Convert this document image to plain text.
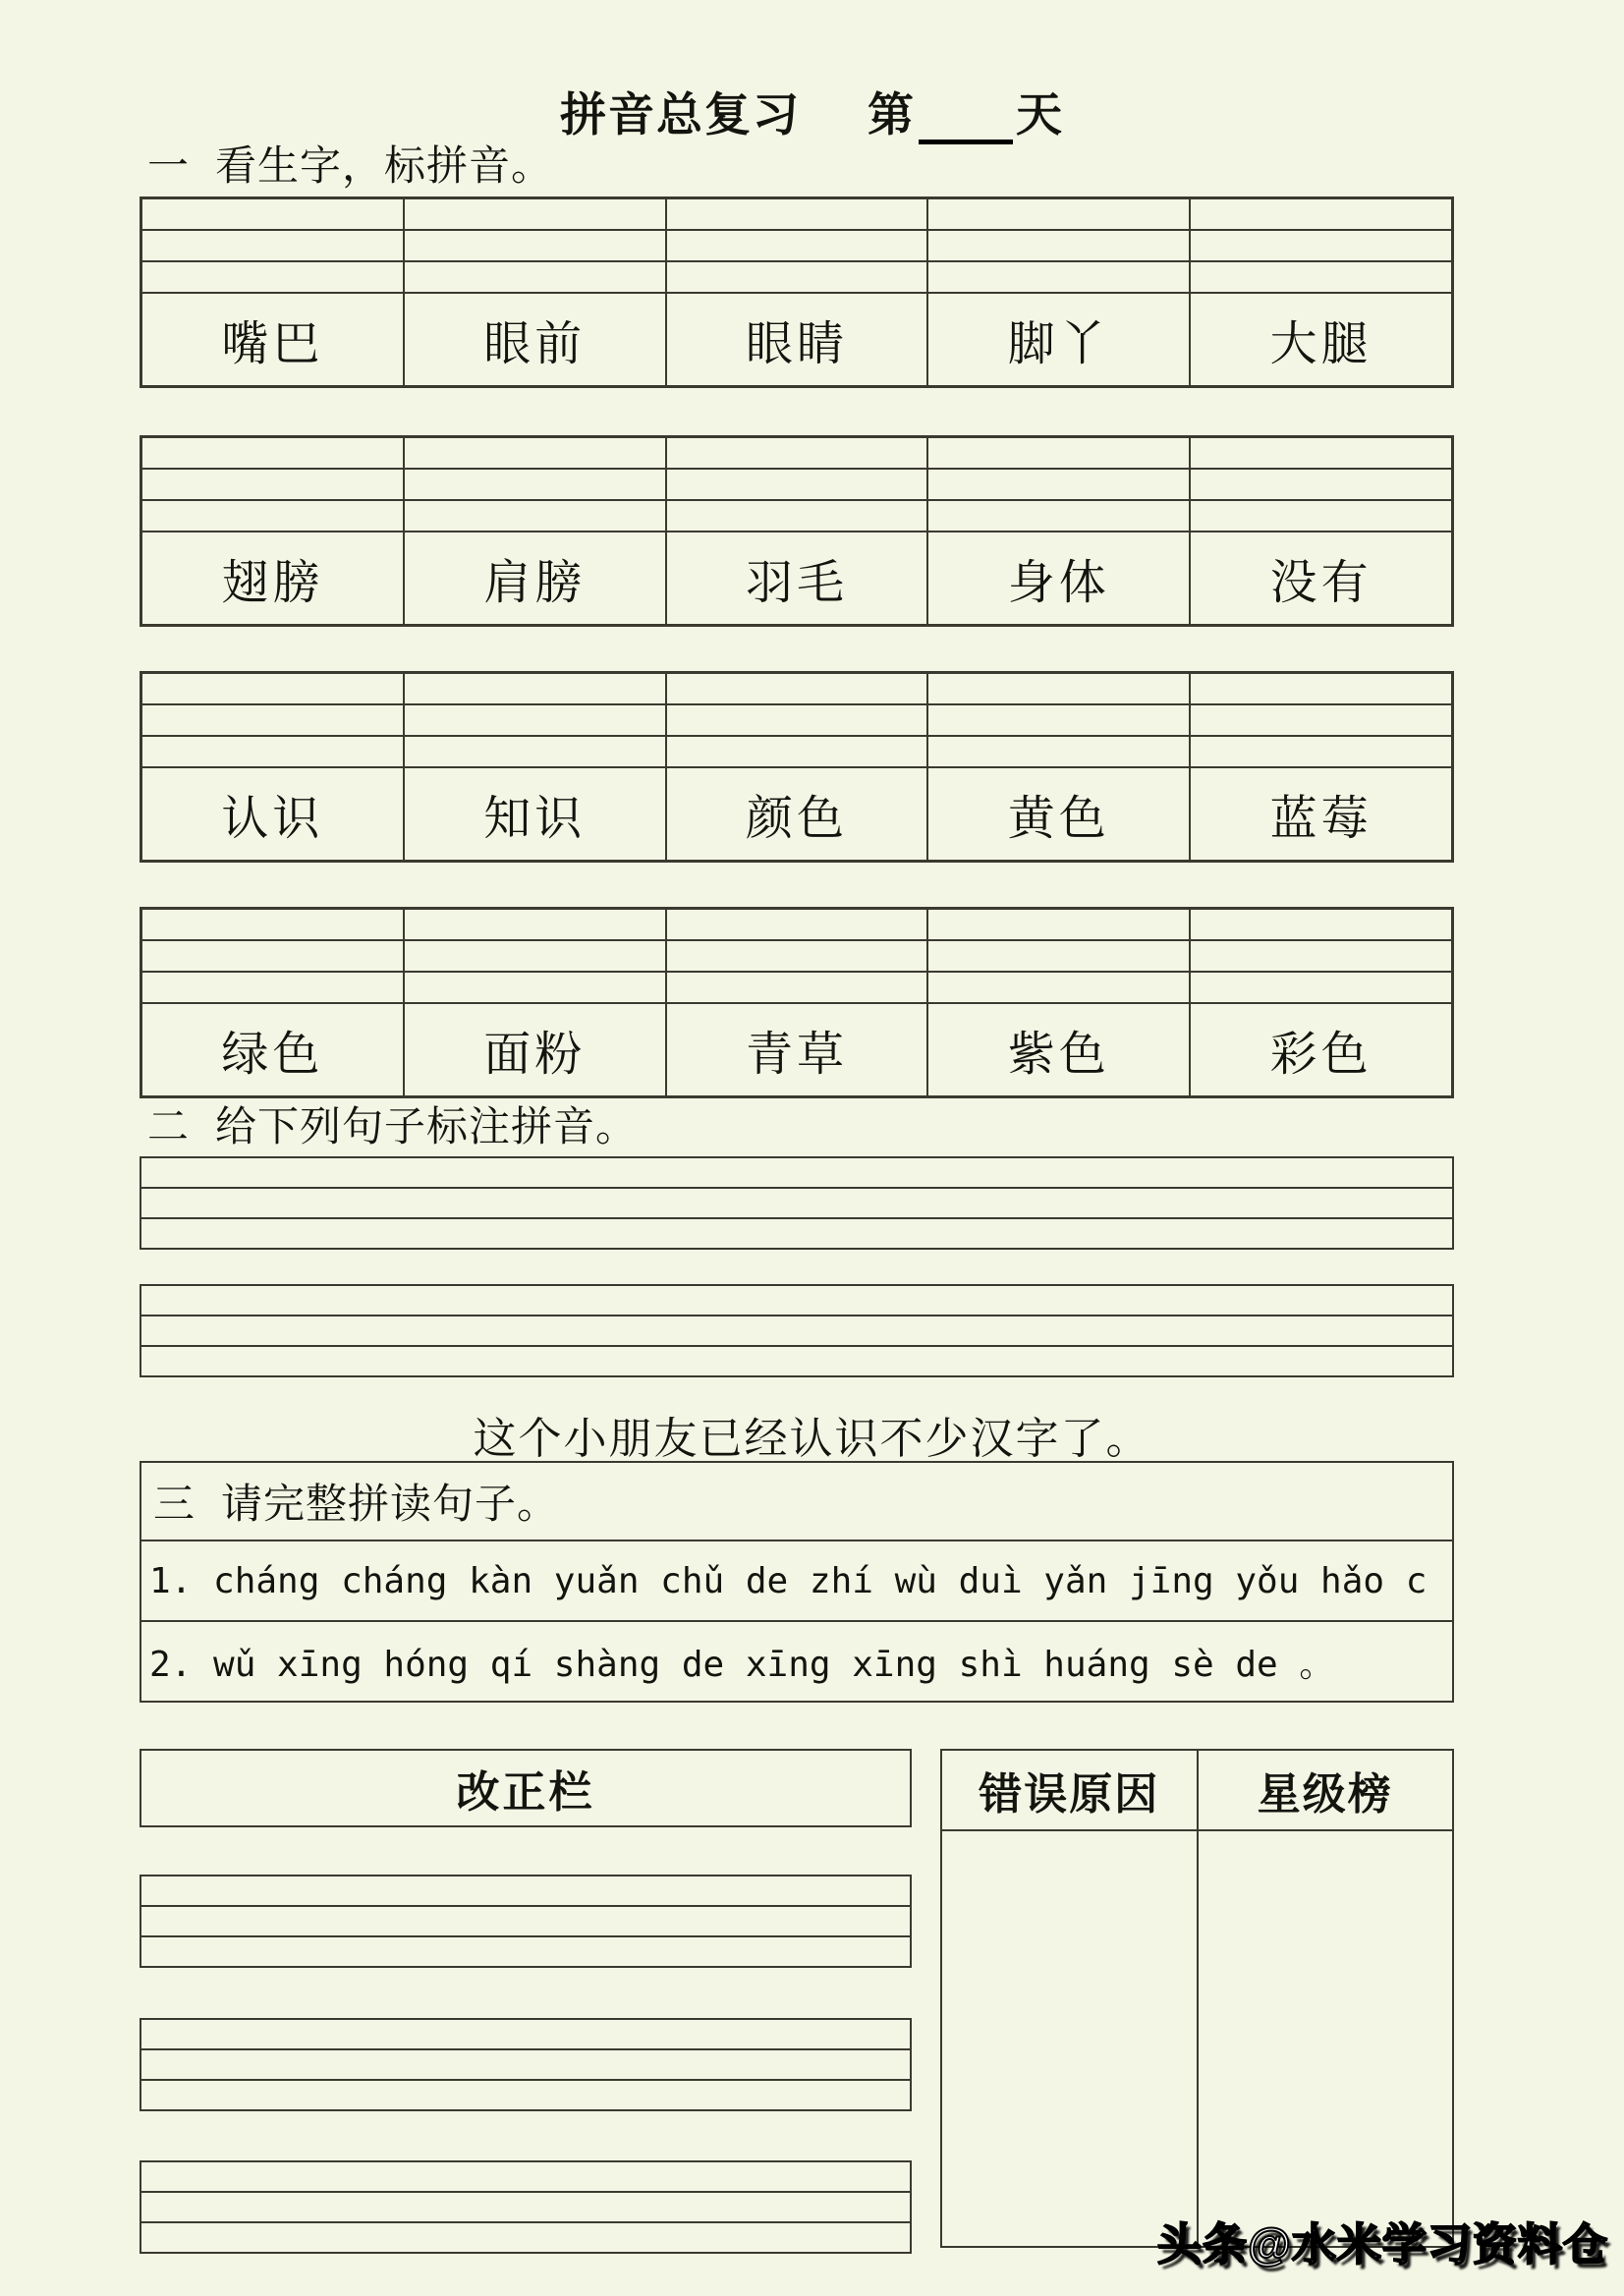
拼音总复习 第 天
一 看生字，标拼音。
嘴巴	眼前	眼睛	脚丫	大腿
翅膀	肩膀	羽毛	身体	没有
认识	知识	颜色	黄色	蓝莓
绿色	面粉	青草	紫色	彩色
二 给下列句子标注拼音。
这个小朋友已经认识不少汉字了。
三 请完整拼读句子。
1. cháng cháng kàn yuǎn chǔ de zhí wù duì yǎn jīng yǒu hǎo c
2. wǔ xīng hóng qí shàng de xīng xīng shì huáng sè de 。
改正栏	错误原因	星级榜
头条@水米学习资料仓
